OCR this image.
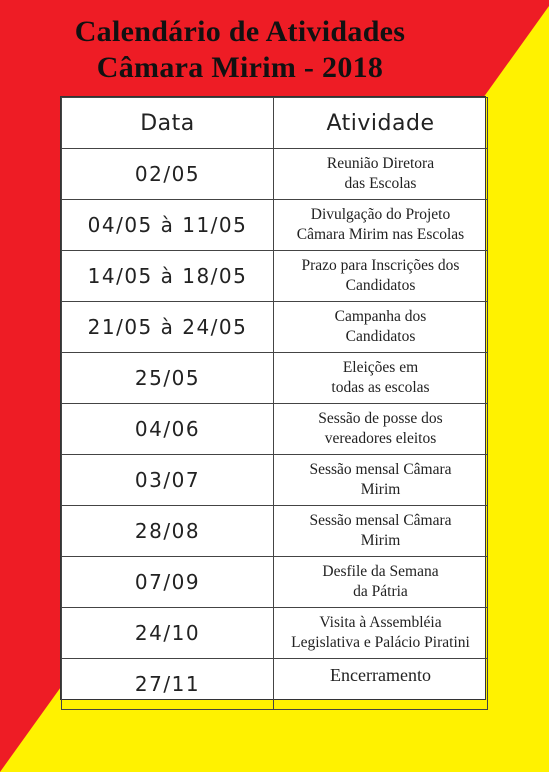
Calendário de Atividades
Câmara Mirim - 2018
Data	Atividade
02/05	Reunião Diretora
das Escolas
04/05 à 11/05	Divulgação do Projeto
Câmara Mirim nas Escolas
14/05 à 18/05	Prazo para Inscrições dos
Candidatos
21/05 à 24/05	Campanha dos
Candidatos
25/05	Eleições em
todas as escolas
04/06	Sessão de posse dos
vereadores eleitos
03/07	Sessão mensal Câmara
Mirim
28/08	Sessão mensal Câmara
Mirim
07/09	Desfile da Semana
da Pátria
24/10	Visita à Assembléia
Legislativa e Palácio Piratini
27/11	Encerramento
